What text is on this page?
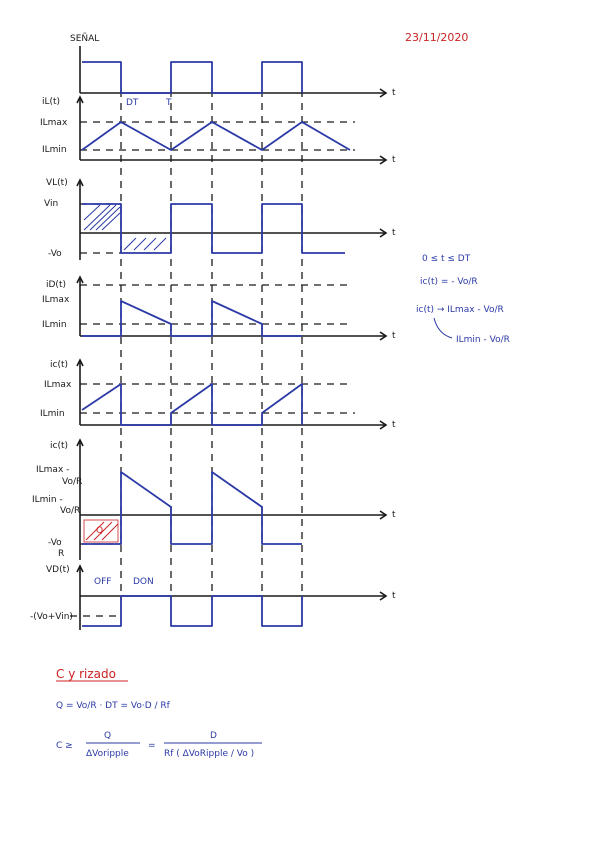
SEÑAL	23/11/2020
t
t
iL(t)
ILmax
ILmin
DT	T
t
VL(t)
Vin
-Vo
t
iD(t)
ILmax
ILmin
t
ic(t)
ILmax
ILmin
t
ic(t)
ILmax -
Vo/R
ILmin -
Vo/R
-Vo
R
Q
t
VD(t)
OFF DON
-(Vo+Vin)
0 ≤ t ≤ DT
ic(t) = - Vo/R
ic(t) → ILmax - Vo/R
ILmin - Vo/R
C y rizado
Q = Vo/R · DT = Vo·D / Rf
C ≥
Q
ΔVoripple
=
D
Rf ( ΔVoRipple / Vo )
